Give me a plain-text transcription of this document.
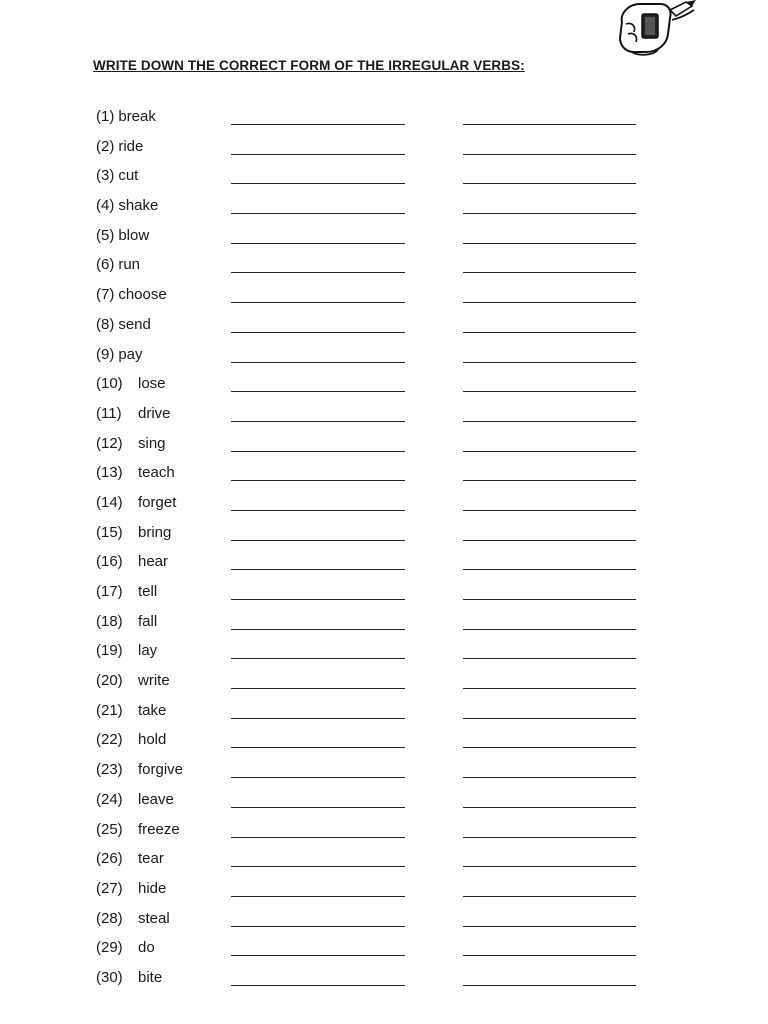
WRITE DOWN THE CORRECT FORM OF THE IRREGULAR VERBS:
(1) break
(2) ride
(3) cut
(4) shake
(5) blow
(6) run
(7) choose
(8) send
(9) pay
(10) lose
(11) drive
(12) sing
(13) teach
(14) forget
(15) bring
(16) hear
(17) tell
(18) fall
(19) lay
(20) write
(21) take
(22) hold
(23) forgive
(24) leave
(25) freeze
(26) tear
(27) hide
(28) steal
(29) do
(30) bite
